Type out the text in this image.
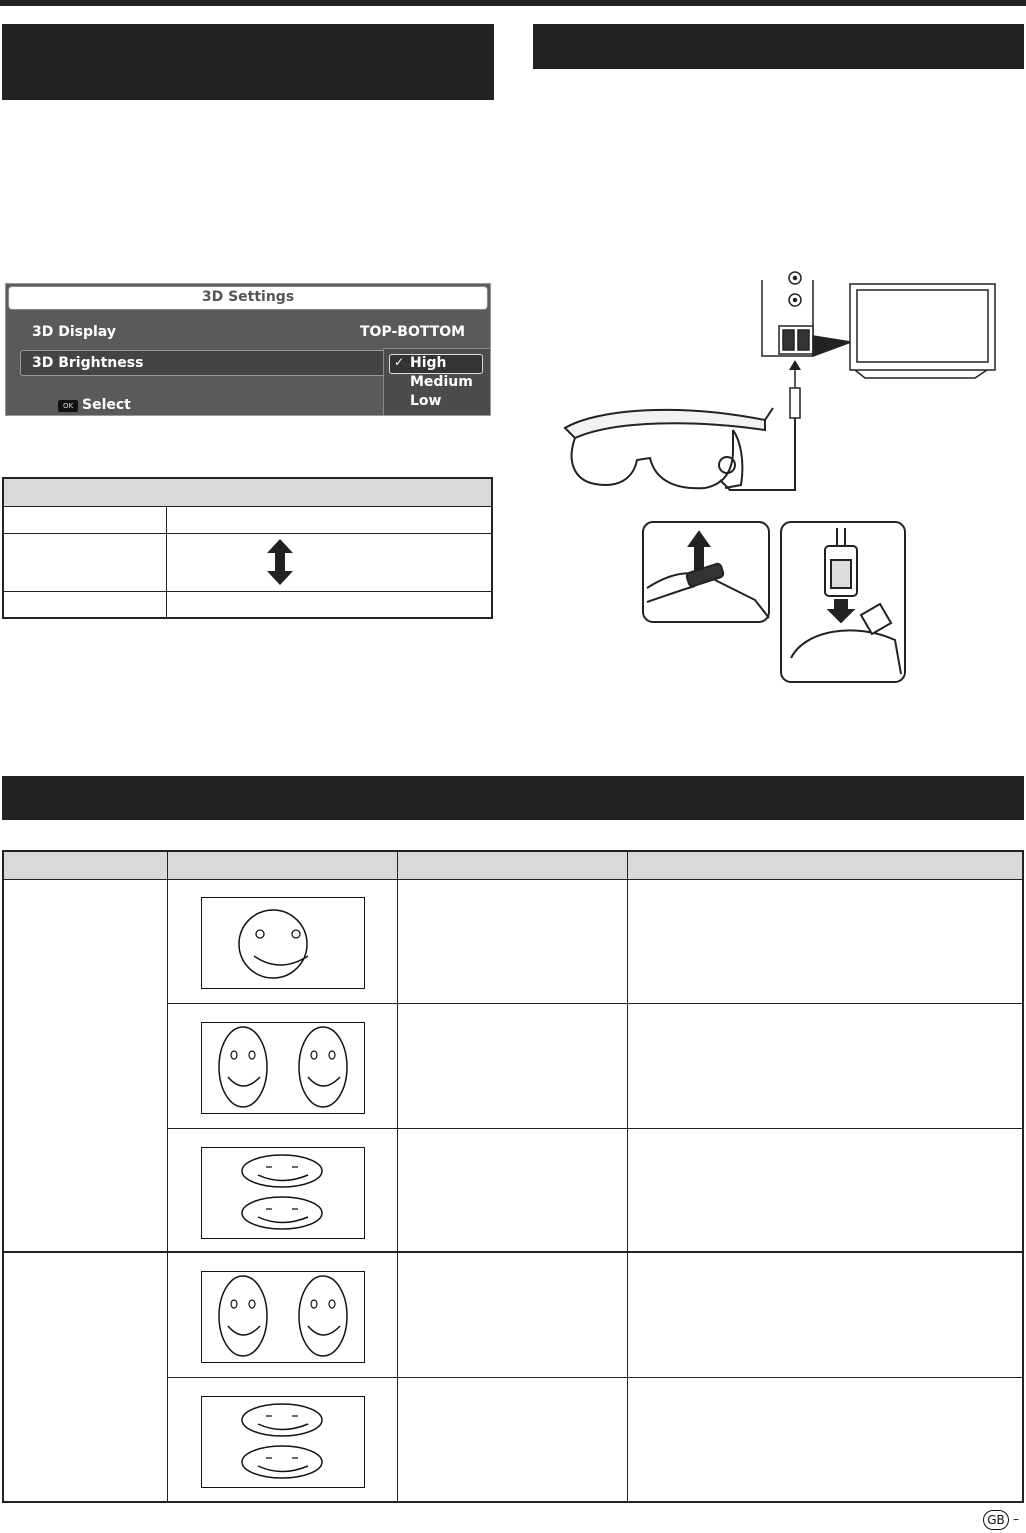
3D Settings
3D Display	TOP-BOTTOM
3D Brightness	✓ High
Medium
Low
OK Select
GB –
